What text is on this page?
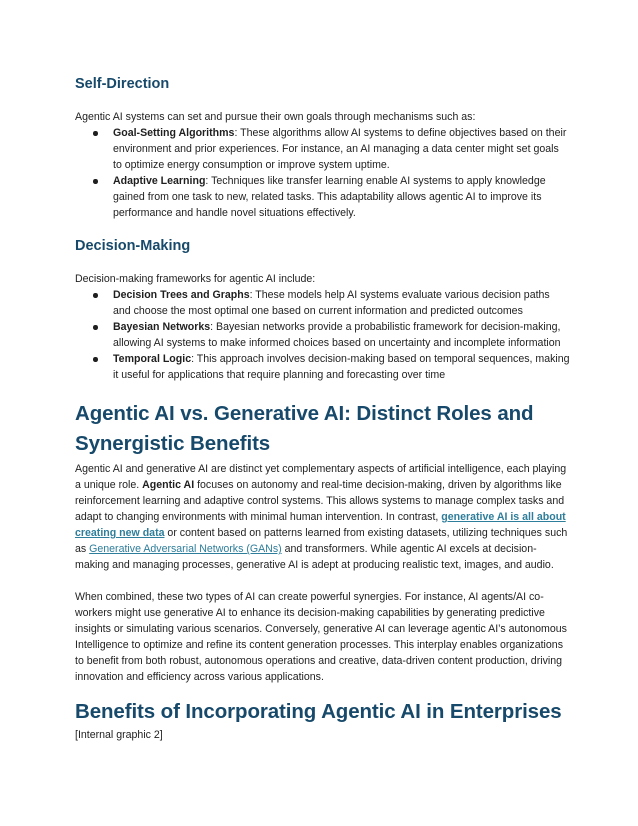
Self-Direction

Agentic AI systems can set and pursue their own goals through mechanisms such as:

Goal-Setting Algorithms: These algorithms allow AI systems to define objectives based on their environment and prior experiences. For instance, an AI managing a data center might set goals to optimize energy consumption or improve system uptime.
Adaptive Learning: Techniques like transfer learning enable AI systems to apply knowledge gained from one task to new, related tasks. This adaptability allows agentic AI to improve its performance and handle novel situations effectively.
Decision-Making

Decision-making frameworks for agentic AI include:

Decision Trees and Graphs: These models help AI systems evaluate various decision paths and choose the most optimal one based on current information and predicted outcomes
Bayesian Networks: Bayesian networks provide a probabilistic framework for decision-making, allowing AI systems to make informed choices based on uncertainty and incomplete information
Temporal Logic: This approach involves decision-making based on temporal sequences, making it useful for applications that require planning and forecasting over time
Agentic AI vs. Generative AI: Distinct Roles and Synergistic Benefits

Agentic AI and generative AI are distinct yet complementary aspects of artificial intelligence, each playing a unique role. Agentic AI focuses on autonomy and real-time decision-making, driven by algorithms like reinforcement learning and adaptive control systems. This allows systems to manage complex tasks and adapt to changing environments with minimal human intervention. In contrast, generative AI is all about creating new data or content based on patterns learned from existing datasets, utilizing techniques such as Generative Adversarial Networks (GANs) and transformers. While agentic AI excels at decision-making and managing processes, generative AI is adept at producing realistic text, images, and audio.

When combined, these two types of AI can create powerful synergies. For instance, AI agents/AI co-workers might use generative AI to enhance its decision-making capabilities by generating predictive insights or simulating various scenarios. Conversely, generative AI can leverage agentic AI’s autonomous Intelligence to optimize and refine its content generation processes. This interplay enables organizations to benefit from both robust, autonomous operations and creative, data-driven content production, driving innovation and efficiency across various applications.

Benefits of Incorporating Agentic AI in Enterprises

[Internal graphic 2]
